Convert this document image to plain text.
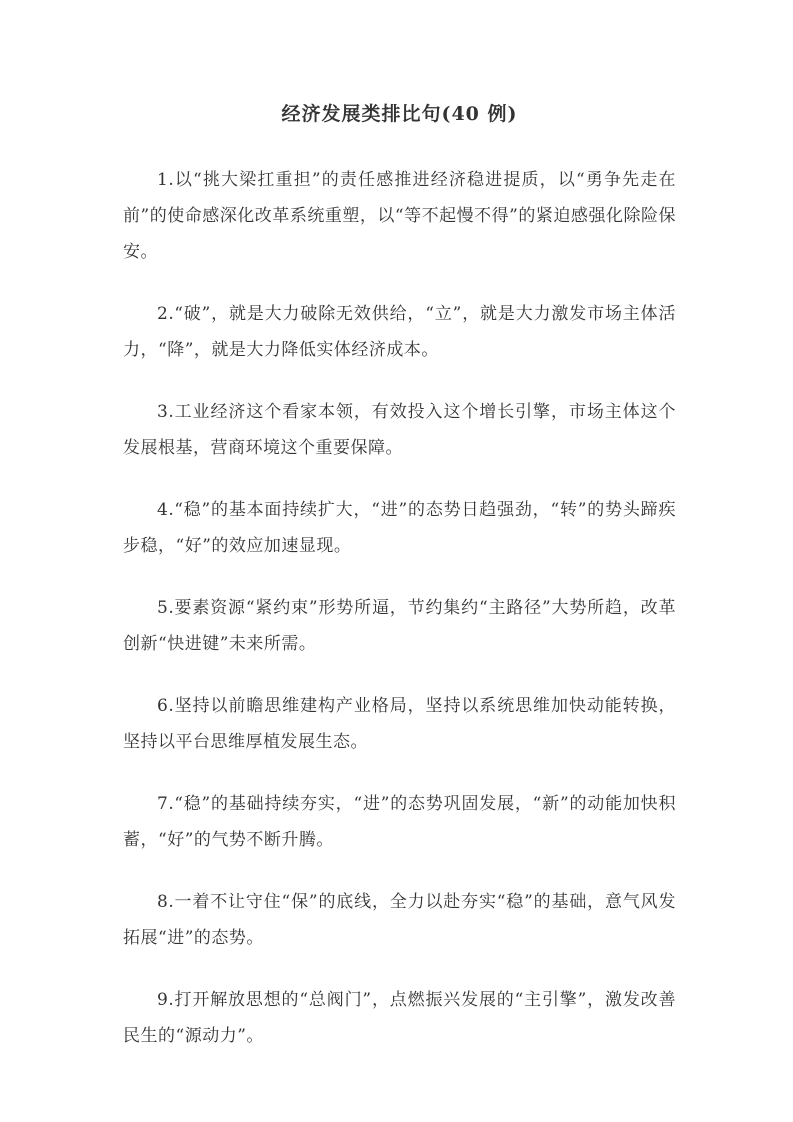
经济发展类排比句(40 例)

1.以“挑大梁扛重担”的责任感推进经济稳进提质，以“勇争先走在前”的使命感深化改革系统重塑，以“等不起慢不得”的紧迫感强化除险保安。

2.“破”，就是大力破除无效供给，“立”，就是大力激发市场主体活力，“降”，就是大力降低实体经济成本。

3.工业经济这个看家本领，有效投入这个增长引擎，市场主体这个发展根基，营商环境这个重要保障。

4.“稳”的基本面持续扩大，“进”的态势日趋强劲，“转”的势头蹄疾步稳，“好”的效应加速显现。

5.要素资源“紧约束”形势所逼，节约集约“主路径”大势所趋，改革创新“快进键”未来所需。

6.坚持以前瞻思维建构产业格局，坚持以系统思维加快动能转换，坚持以平台思维厚植发展生态。

7.“稳”的基础持续夯实，“进”的态势巩固发展，“新”的动能加快积蓄，“好”的气势不断升腾。

8.一着不让守住“保”的底线，全力以赴夯实“稳”的基础，意气风发拓展“进”的态势。

9.打开解放思想的“总阀门”，点燃振兴发展的“主引擎”，激发改善民生的“源动力”。
